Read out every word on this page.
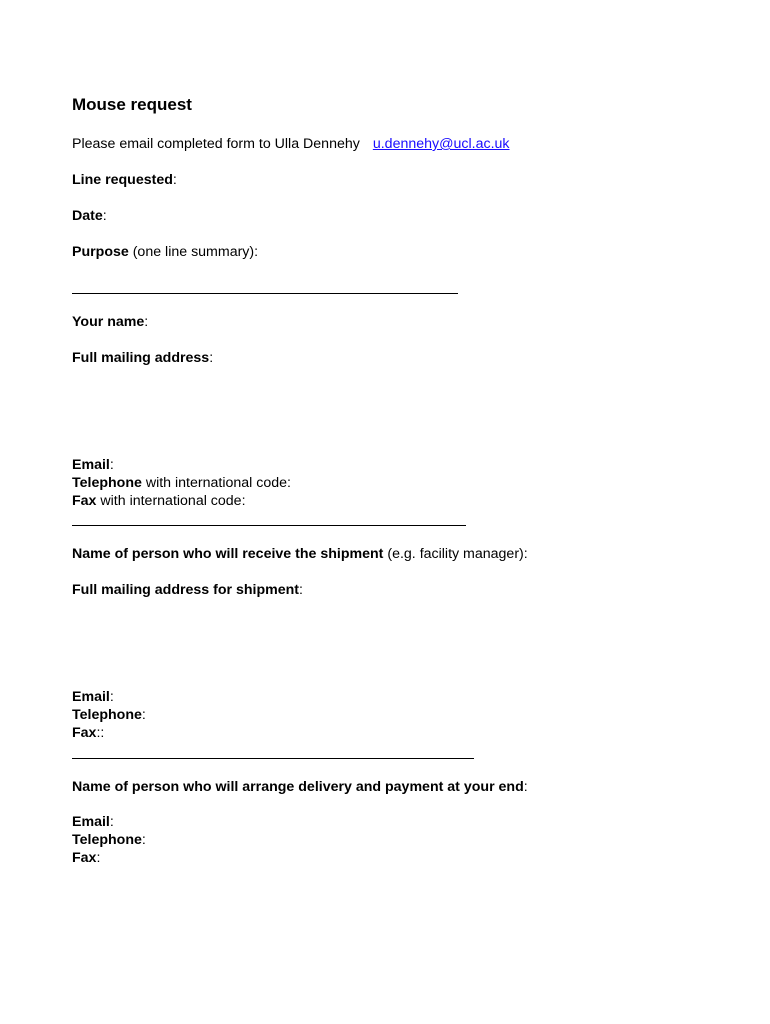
Mouse request
Please email completed form to Ulla Dennehy u.dennehy@ucl.ac.uk
Line requested:
Date:
Purpose (one line summary):
Your name:
Full mailing address:
Email:
Telephone with international code:
Fax with international code:
Name of person who will receive the shipment (e.g. facility manager):
Full mailing address for shipment:
Email:
Telephone:
Fax::
Name of person who will arrange delivery and payment at your end:
Email:
Telephone:
Fax:
